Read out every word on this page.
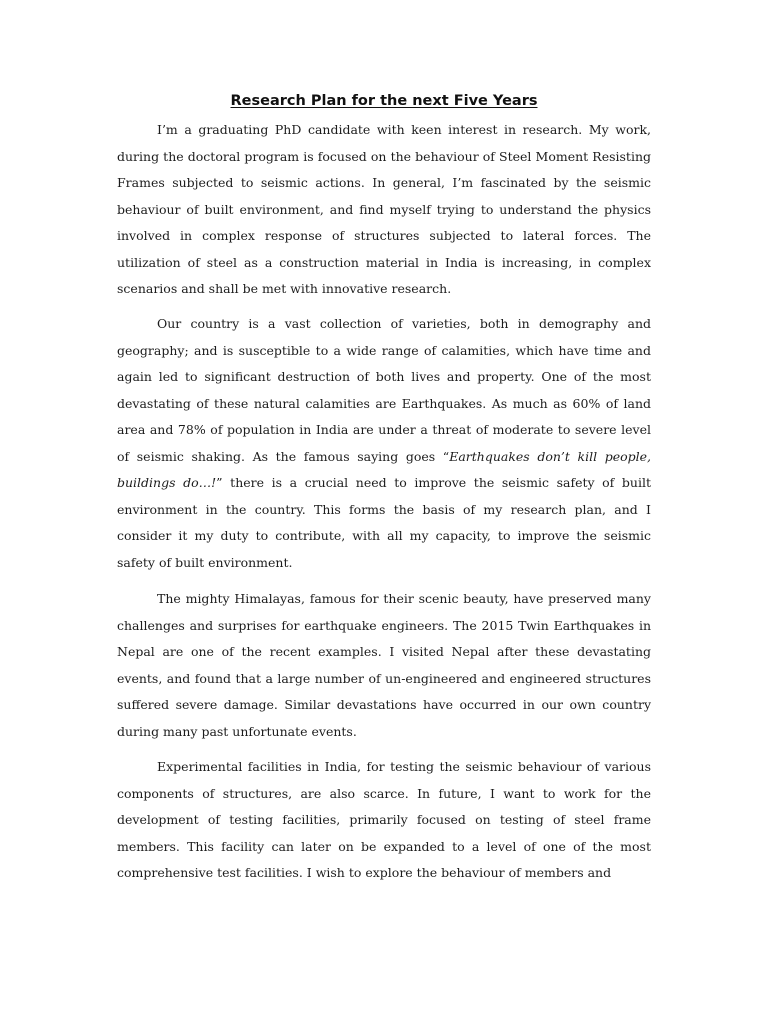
Research Plan for the next Five Years

I’m a graduating PhD candidate with keen interest in research. My work, during the doctoral program is focused on the behaviour of Steel Moment Resisting Frames subjected to seismic actions. In general, I’m fascinated by the seismic behaviour of built environment, and find myself trying to understand the physics involved in complex response of structures subjected to lateral forces. The utilization of steel as a construction material in India is increasing, in complex scenarios and shall be met with innovative research.

Our country is a vast collection of varieties, both in demography and geography; and is susceptible to a wide range of calamities, which have time and again led to significant destruction of both lives and property. One of the most devastating of these natural calamities are Earthquakes. As much as 60% of land area and 78% of population in India are under a threat of moderate to severe level of seismic shaking. As the famous saying goes “Earthquakes don’t kill people, buildings do…!” there is a crucial need to improve the seismic safety of built environment in the country. This forms the basis of my research plan, and I consider it my duty to contribute, with all my capacity, to improve the seismic safety of built environment.

The mighty Himalayas, famous for their scenic beauty, have preserved many challenges and surprises for earthquake engineers. The 2015 Twin Earthquakes in Nepal are one of the recent examples. I visited Nepal after these devastating events, and found that a large number of un-engineered and engineered structures suffered severe damage. Similar devastations have occurred in our own country during many past unfortunate events.

Experimental facilities in India, for testing the seismic behaviour of various components of structures, are also scarce. In future, I want to work for the development of testing facilities, primarily focused on testing of steel frame members. This facility can later on be expanded to a level of one of the most comprehensive test facilities. I wish to explore the behaviour of members and
